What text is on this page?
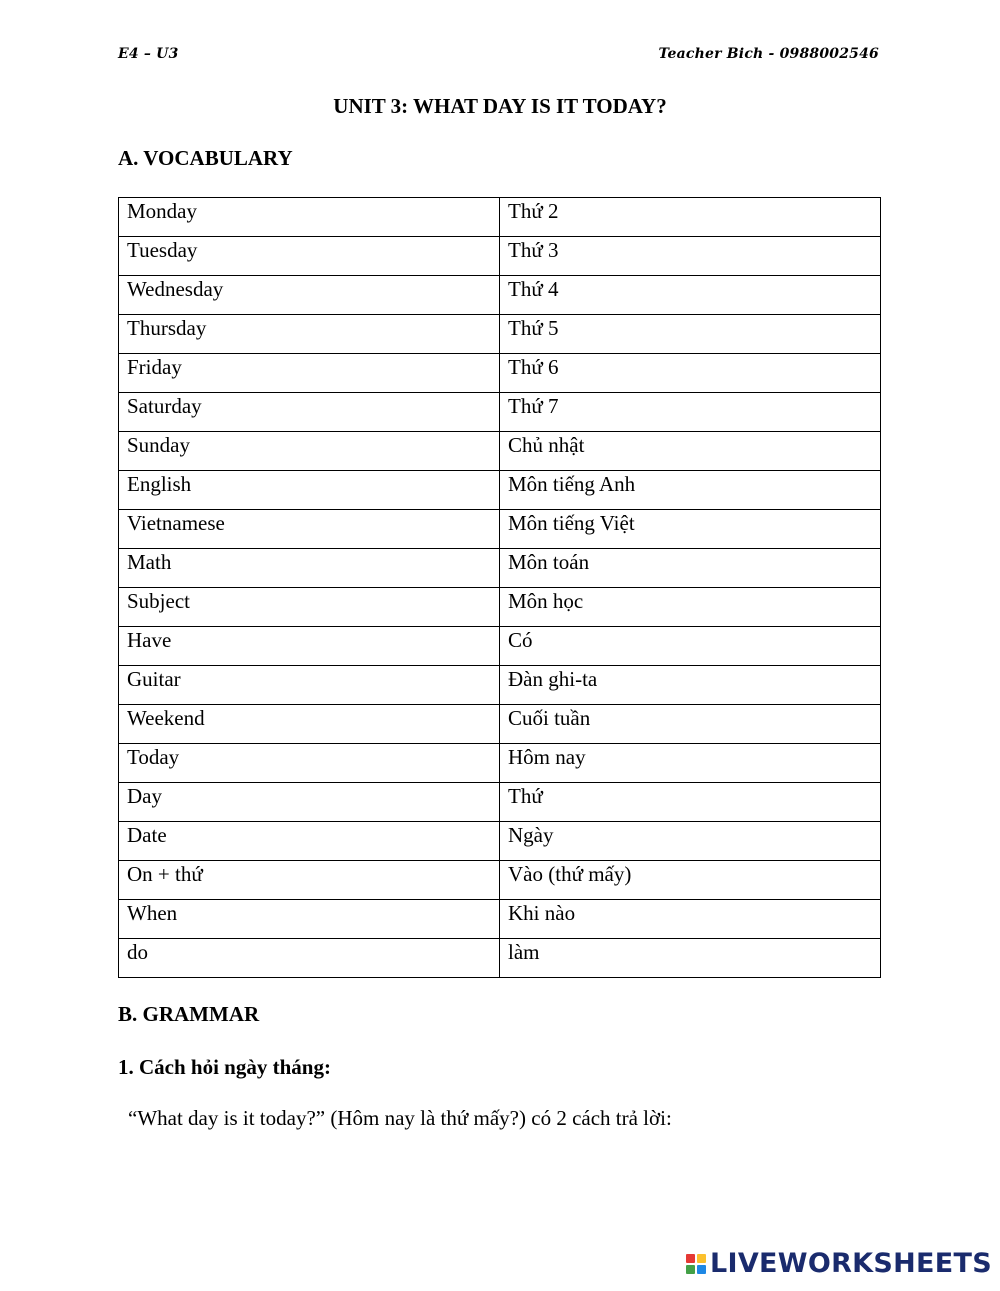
E4 – U3	Teacher Bich - 0988002546
UNIT 3: WHAT DAY IS IT TODAY?
A. VOCABULARY
Monday	Thứ 2
Tuesday	Thứ 3
Wednesday	Thứ 4
Thursday	Thứ 5
Friday	Thứ 6
Saturday	Thứ 7
Sunday	Chủ nhật
English	Môn tiếng Anh
Vietnamese	Môn tiếng Việt
Math	Môn toán
Subject	Môn học
Have	Có
Guitar	Đàn ghi-ta
Weekend	Cuối tuần
Today	Hôm nay
Day	Thứ
Date	Ngày
On + thứ	Vào (thứ mấy)
When	Khi nào
do	làm
B. GRAMMAR
1. Cách hỏi ngày tháng:
“What day is it today?” (Hôm nay là thứ mấy?) có 2 cách trả lời:
LIVEWORKSHEETS
